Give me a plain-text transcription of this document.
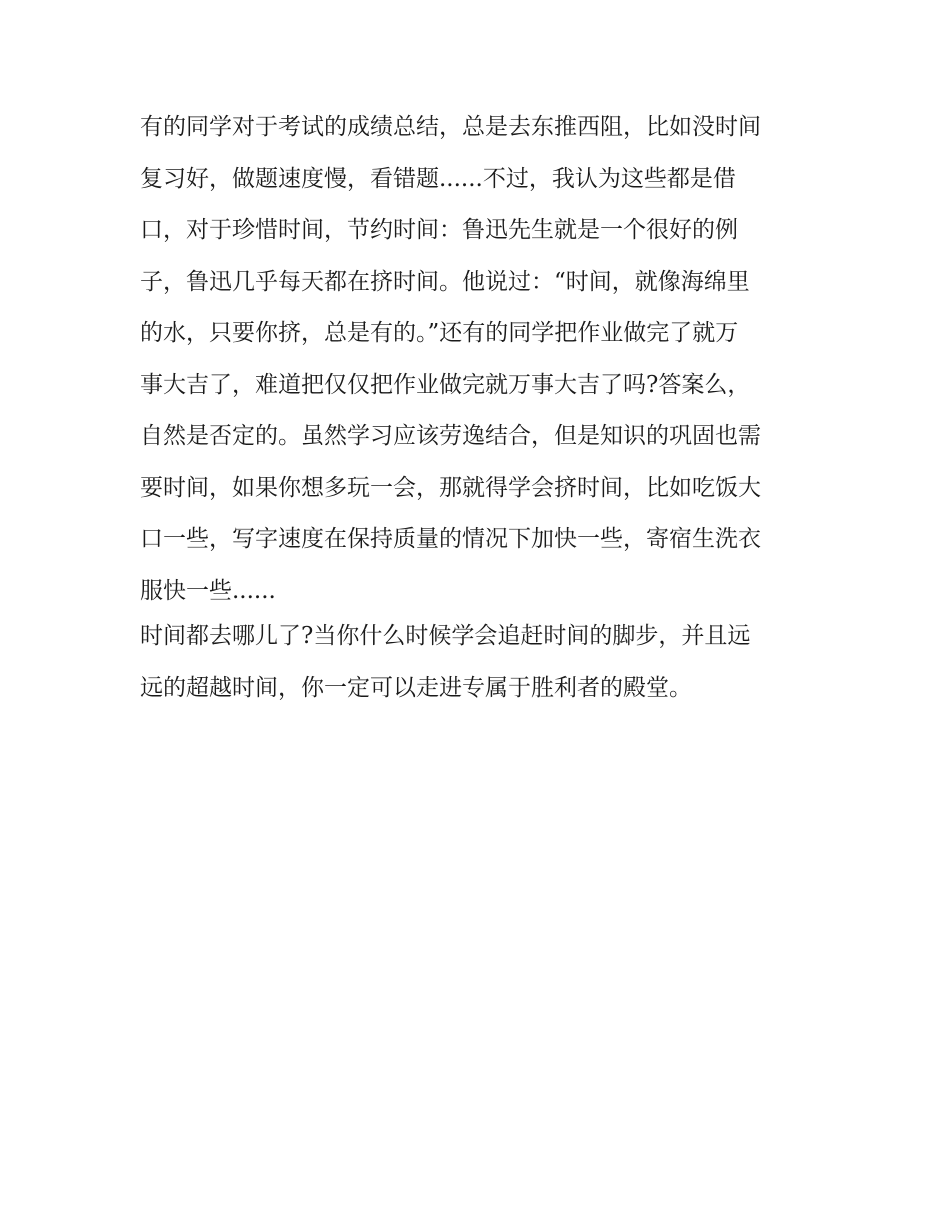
有的同学对于考试的成绩总结，总是去东推西阻，比如没时间
复习好，做题速度慢，看错题......不过，我认为这些都是借
口，对于珍惜时间，节约时间：鲁迅先生就是一个很好的例
子，鲁迅几乎每天都在挤时间。他说过：“时间，就像海绵里
的水，只要你挤，总是有的。”还有的同学把作业做完了就万
事大吉了，难道把仅仅把作业做完就万事大吉了吗?答案么，
自然是否定的。虽然学习应该劳逸结合，但是知识的巩固也需
要时间，如果你想多玩一会，那就得学会挤时间，比如吃饭大
口一些，写字速度在保持质量的情况下加快一些，寄宿生洗衣
服快一些......
时间都去哪儿了?当你什么时候学会追赶时间的脚步，并且远
远的超越时间，你一定可以走进专属于胜利者的殿堂。
